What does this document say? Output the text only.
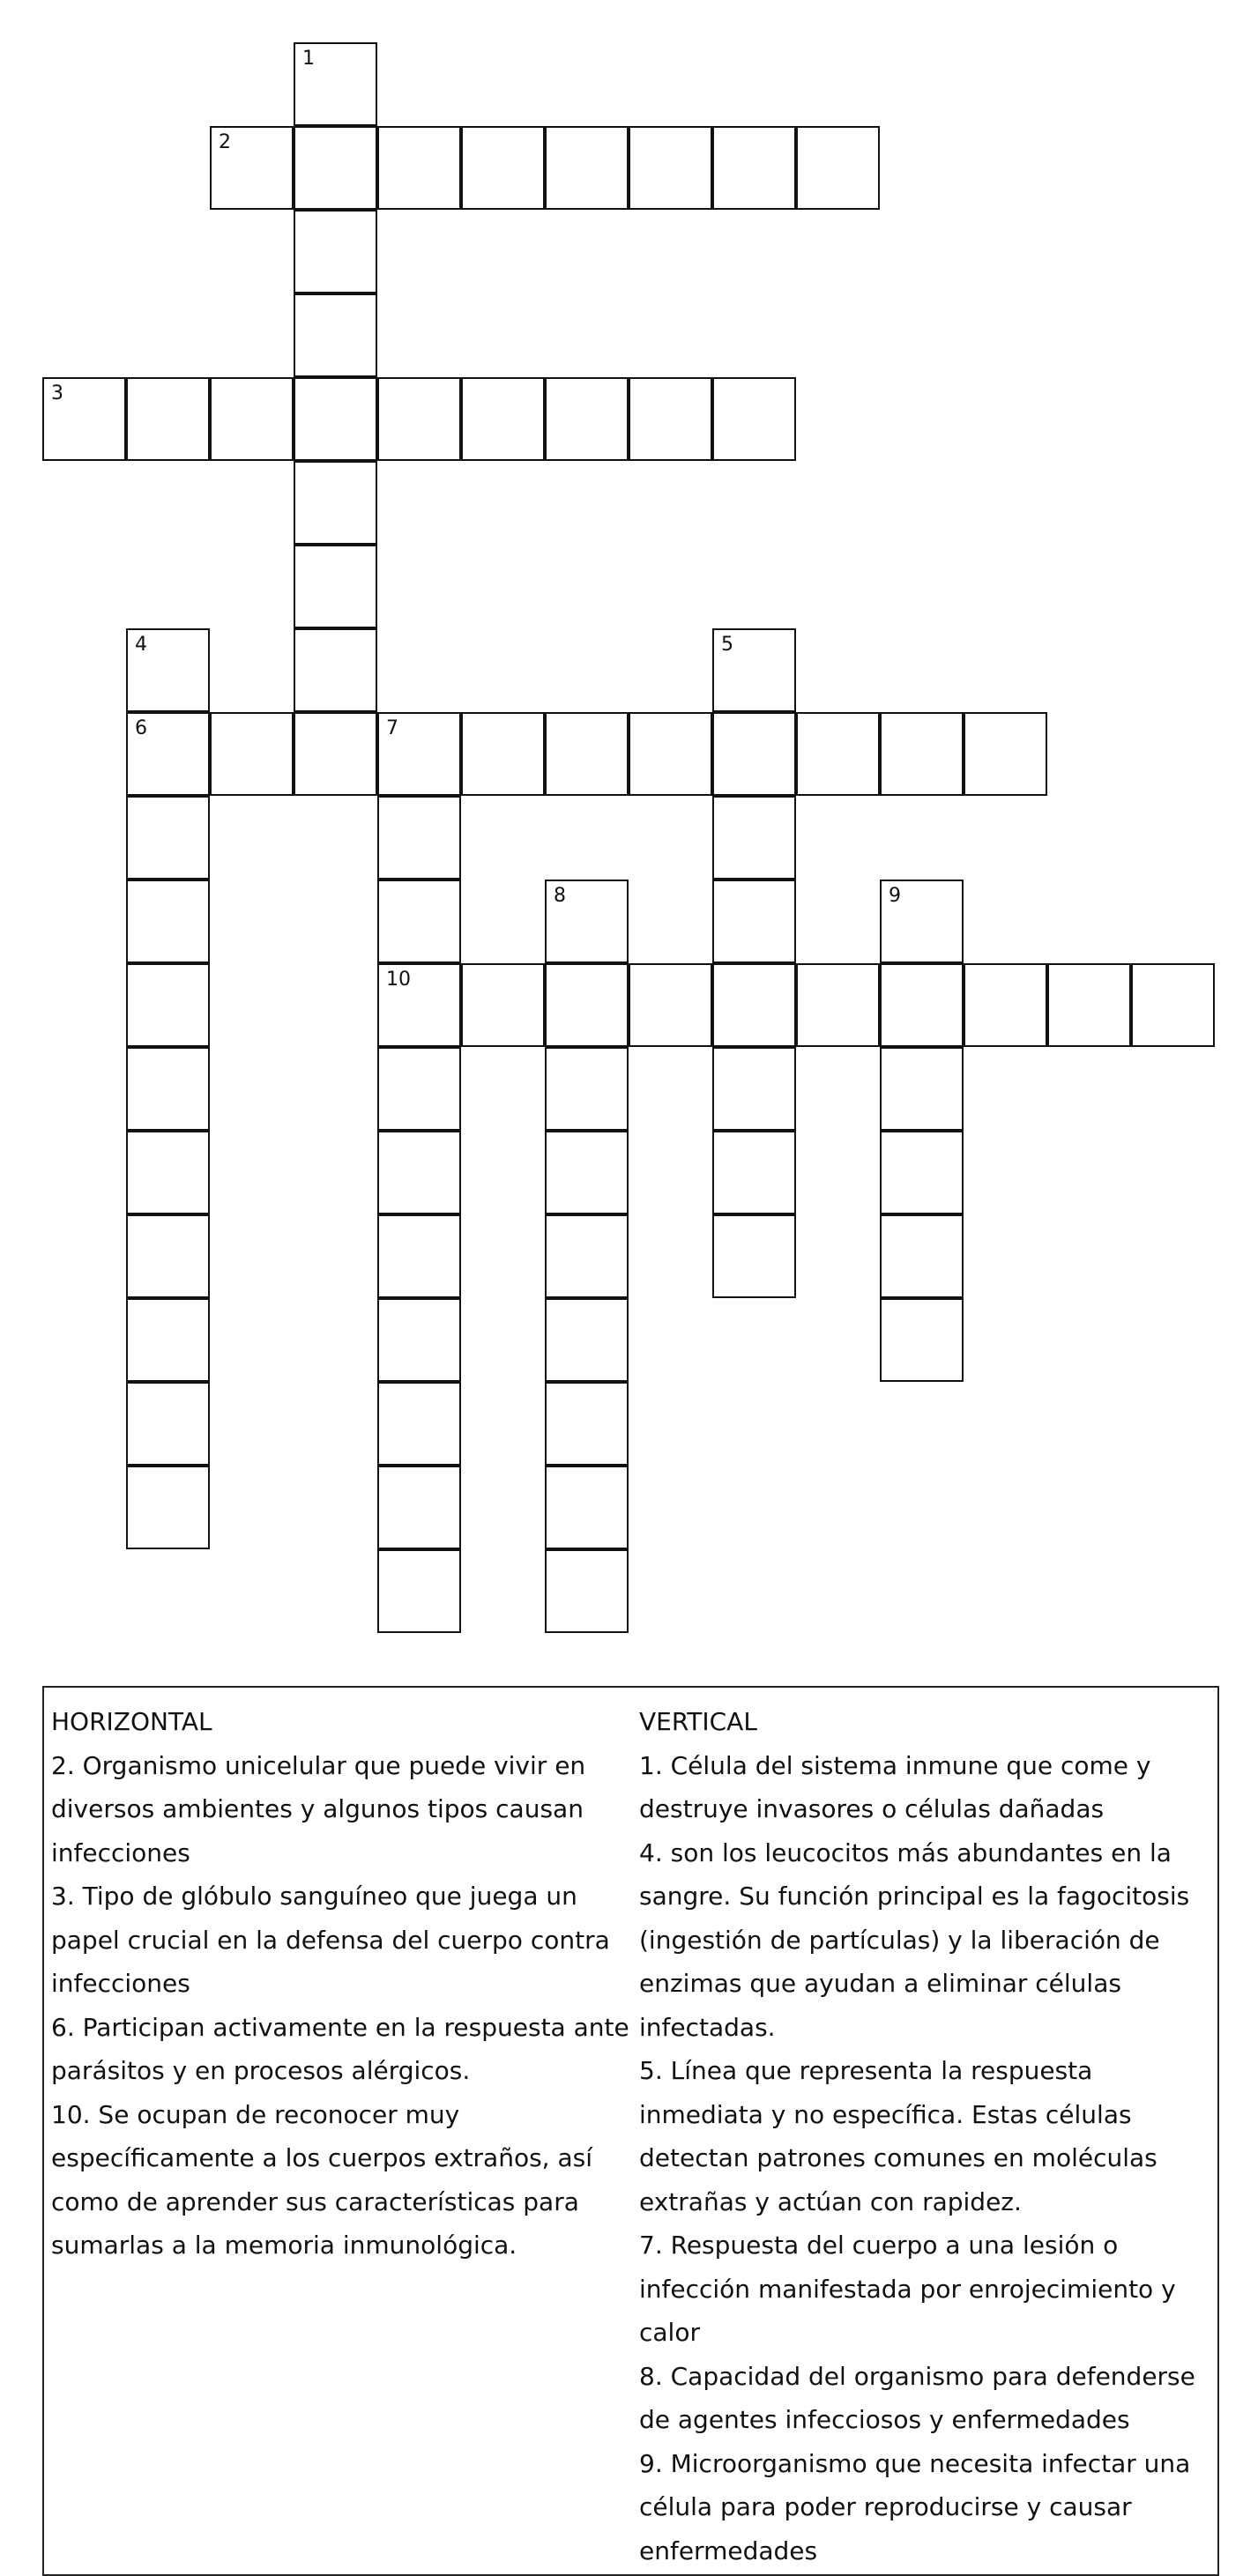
1
2
3
4
6
5
7
10
8	9

HORIZONTAL

2. Organismo unicelular que puede vivir en diversos ambientes y algunos tipos causan infecciones

3. Tipo de glóbulo sanguíneo que juega un papel crucial en la defensa del cuerpo contra infecciones

6. Participan activamente en la respuesta ante parásitos y en procesos alérgicos.

10. Se ocupan de reconocer muy específicamente a los cuerpos extraños, así como de aprender sus características para sumarlas a la memoria inmunológica.

VERTICAL

1. Célula del sistema inmune que come y destruye invasores o células dañadas

4. son los leucocitos más abundantes en la sangre. Su función principal es la fagocitosis (ingestión de partículas) y la liberación de enzimas que ayudan a eliminar células infectadas.

5. Línea que representa la respuesta inmediata y no específica. Estas células detectan patrones comunes en moléculas extrañas y actúan con rapidez.

7. Respuesta del cuerpo a una lesión o infección manifestada por enrojecimiento y calor

8. Capacidad del organismo para defenderse de agentes infecciosos y enfermedades

9. Microorganismo que necesita infectar una célula para poder reproducirse y causar enfermedades
